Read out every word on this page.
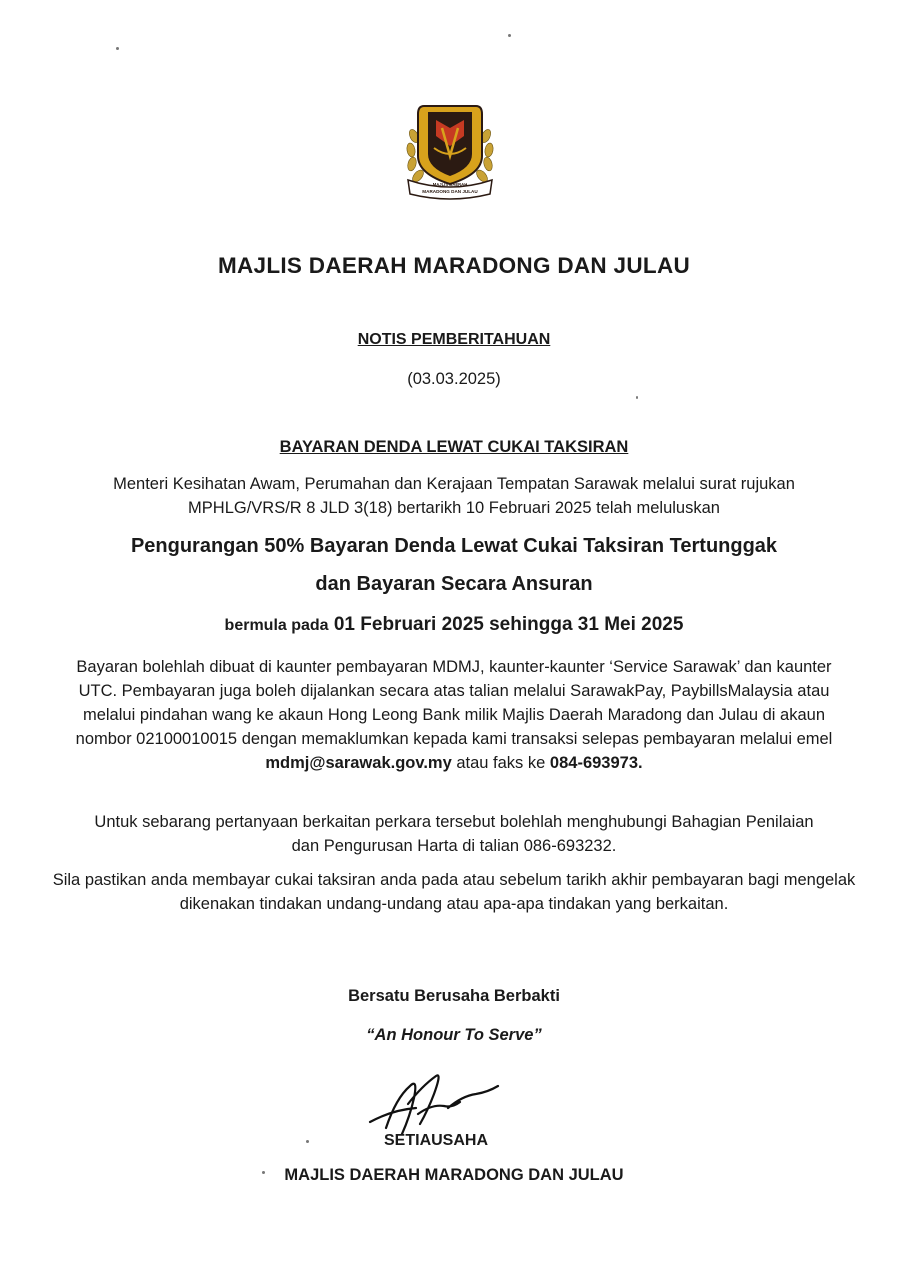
MAJLIS DAERAH
MARADONG DAN JULAU
MAJLIS DAERAH MARADONG DAN JULAU
NOTIS PEMBERITAHUAN
(03.03.2025)
BAYARAN DENDA LEWAT CUKAI TAKSIRAN
Menteri Kesihatan Awam, Perumahan dan Kerajaan Tempatan Sarawak melalui surat rujukan MPHLG/VRS/R 8 JLD 3(18) bertarikh 10 Februari 2025 telah meluluskan
Pengurangan 50% Bayaran Denda Lewat Cukai Taksiran Tertunggak
dan Bayaran Secara Ansuran
bermula pada 01 Februari 2025 sehingga 31 Mei 2025
Bayaran bolehlah dibuat di kaunter pembayaran MDMJ, kaunter-kaunter ‘Service Sarawak’ dan kaunter UTC. Pembayaran juga boleh dijalankan secara atas talian melalui SarawakPay, PaybillsMalaysia atau melalui pindahan wang ke akaun Hong Leong Bank milik Majlis Daerah Maradong dan Julau di akaun nombor 02100010015 dengan memaklumkan kepada kami transaksi selepas pembayaran melalui emel mdmj@sarawak.gov.my atau faks ke 084-693973.
Untuk sebarang pertanyaan berkaitan perkara tersebut bolehlah menghubungi Bahagian Penilaian dan Pengurusan Harta di talian 086-693232.
Sila pastikan anda membayar cukai taksiran anda pada atau sebelum tarikh akhir pembayaran bagi mengelak dikenakan tindakan undang-undang atau apa-apa tindakan yang berkaitan.
Bersatu Berusaha Berbakti
“An Honour To Serve”
SETIAUSAHA
MAJLIS DAERAH MARADONG DAN JULAU
